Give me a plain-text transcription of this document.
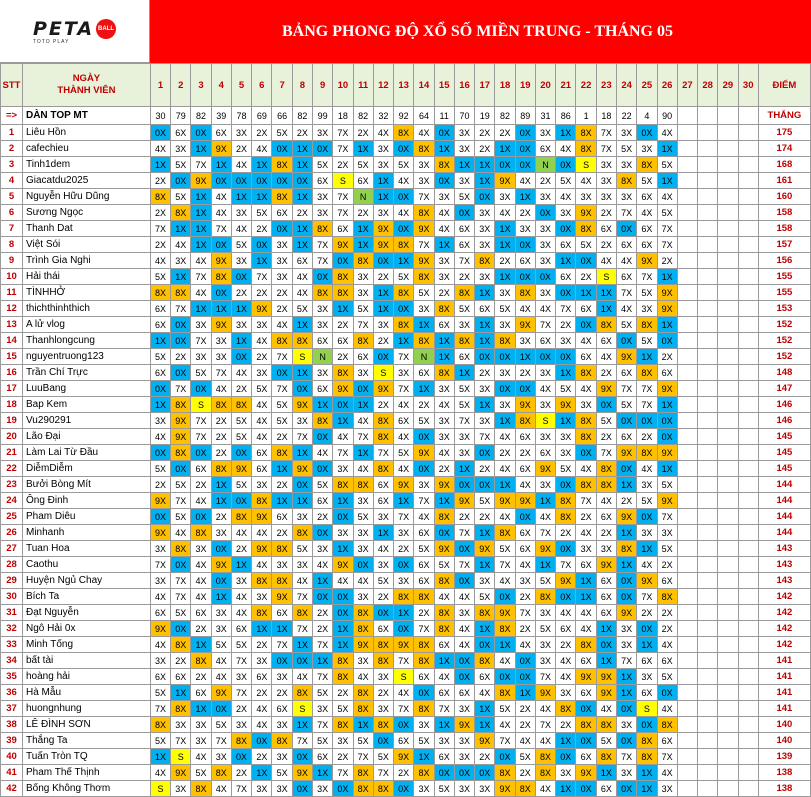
PETA BALL
TOTO PLAY
BẢNG PHONG ĐỘ XỔ SỐ MIỀN TRUNG - THÁNG 05
STT	NGÀY
THÀNH VIÊN	1	2	3	4	5	6	7	8	9	10	11	12	13	14	15	16	17	18	19	20	21	22	23	24	25	26	27	28	29	30	ĐIỂM
=>	DÀN TOP MT	30	79	82	39	78	69	66	82	99	18	82	32	92	64	11	70	19	82	89	31	86	1	18	22	4	90					THẮNG
1	Liêu Hồn	0X	6X	0X	6X	3X	2X	5X	2X	3X	7X	2X	4X	8X	4X	0X	3X	2X	2X	0X	3X	1X	8X	7X	3X	0X	4X					175
2	cafechieu	4X	3X	1X	9X	2X	4X	0X	1X	0X	7X	1X	3X	0X	8X	1X	3X	2X	1X	0X	6X	4X	8X	7X	5X	3X	1X					174
3	Tinh1dem	1X	5X	7X	1X	4X	1X	8X	1X	5X	2X	5X	3X	5X	3X	8X	1X	1X	0X	0X	N	0X	S	3X	3X	8X	5X					168
4	Giacatdu2025	2X	0X	9X	0X	0X	0X	0X	0X	6X	S	6X	1X	4X	3X	0X	3X	1X	9X	4X	2X	5X	4X	3X	8X	5X	1X					161
5	Nguyễn Hữu Dũng	8X	5X	1X	4X	1X	1X	8X	1X	3X	7X	N	1X	0X	7X	3X	5X	0X	3X	1X	3X	4X	3X	3X	3X	6X	4X					160
6	Sương Ngọc	2X	8X	1X	4X	3X	5X	6X	2X	3X	7X	2X	3X	4X	8X	4X	0X	3X	4X	2X	0X	3X	9X	2X	7X	4X	5X					158
7	Thanh Dat	7X	1X	1X	7X	4X	2X	0X	1X	8X	6X	1X	9X	0X	9X	4X	6X	3X	1X	3X	3X	0X	8X	6X	0X	6X	7X					158
8	Việt Sói	2X	4X	1X	0X	5X	0X	3X	1X	7X	9X	1X	9X	8X	7X	1X	6X	3X	1X	0X	3X	6X	5X	2X	6X	6X	7X					157
9	Trình Gia Nghi	4X	3X	4X	9X	3X	1X	3X	6X	7X	0X	8X	0X	1X	9X	3X	7X	8X	2X	6X	3X	1X	0X	4X	4X	9X	2X					156
10	Hải thái	5X	1X	7X	8X	0X	7X	3X	4X	0X	8X	3X	2X	5X	8X	3X	2X	3X	1X	0X	0X	6X	2X	S	6X	7X	1X					155
11	TÌNHHỞ	8X	8X	4X	0X	2X	2X	2X	4X	8X	8X	3X	1X	8X	5X	2X	8X	1X	3X	8X	3X	0X	1X	1X	7X	5X	9X					155
12	thichthinhthich	6X	7X	1X	1X	1X	9X	2X	5X	3X	1X	5X	1X	0X	3X	8X	5X	6X	5X	4X	4X	7X	6X	1X	4X	3X	9X					153
13	A lử vlog	6X	0X	3X	9X	3X	3X	4X	1X	3X	2X	7X	3X	8X	1X	6X	3X	1X	3X	9X	7X	2X	0X	8X	5X	8X	1X					152
14	Thanhlongcung	1X	0X	7X	3X	1X	4X	8X	8X	6X	6X	8X	2X	1X	8X	1X	8X	1X	8X	3X	6X	3X	4X	6X	0X	5X	0X					152
15	nguyentruong123	5X	2X	3X	3X	0X	2X	7X	S	N	2X	6X	0X	7X	N	1X	6X	0X	0X	1X	0X	0X	6X	4X	9X	1X	2X					152
16	Trần Chí Trực	6X	0X	5X	7X	4X	3X	0X	1X	3X	8X	3X	S	3X	6X	8X	1X	2X	3X	2X	3X	1X	8X	2X	6X	8X	6X					148
17	LuuBang	0X	7X	0X	4X	2X	5X	7X	0X	6X	9X	0X	9X	7X	1X	3X	5X	3X	0X	0X	4X	5X	4X	9X	7X	7X	9X					147
18	Bap Kem	1X	8X	S	8X	8X	4X	5X	9X	1X	0X	1X	2X	4X	2X	4X	5X	1X	3X	9X	3X	9X	3X	0X	5X	7X	1X					146
19	Vu290291	3X	9X	7X	2X	5X	4X	5X	3X	8X	1X	4X	8X	6X	5X	3X	7X	3X	1X	8X	S	1X	8X	5X	0X	0X	0X					146
20	Lão Đại	4X	9X	7X	2X	5X	4X	2X	7X	0X	4X	7X	8X	4X	0X	3X	3X	7X	4X	6X	3X	3X	8X	2X	6X	2X	0X					145
21	Làm Lai Từ Đầu	0X	8X	0X	2X	0X	6X	8X	1X	4X	7X	1X	7X	5X	9X	4X	3X	0X	2X	2X	6X	3X	0X	7X	9X	8X	9X					145
22	DiễmDiễm	5X	0X	6X	8X	9X	6X	1X	9X	0X	3X	4X	8X	4X	0X	2X	1X	2X	4X	6X	9X	5X	4X	8X	0X	4X	1X					145
23	Bưởi Bòng Mít	2X	5X	2X	1X	5X	3X	2X	0X	5X	8X	8X	6X	9X	3X	9X	0X	0X	1X	4X	3X	0X	8X	8X	1X	3X	5X					144
24	Ông Đinh	9X	7X	4X	1X	0X	8X	1X	1X	6X	1X	3X	6X	1X	7X	1X	9X	5X	9X	9X	1X	8X	7X	4X	2X	5X	9X					144
25	Pham Diêu	0X	5X	0X	2X	8X	9X	6X	3X	2X	0X	5X	3X	7X	4X	8X	2X	2X	4X	0X	4X	8X	2X	6X	9X	0X	7X					144
26	Minhanh	9X	4X	8X	3X	4X	4X	2X	8X	0X	3X	3X	1X	3X	6X	0X	7X	1X	8X	6X	7X	2X	4X	2X	1X	3X	3X					144
27	Tuan Hoa	3X	8X	3X	0X	2X	9X	8X	5X	3X	1X	3X	4X	2X	5X	9X	0X	9X	5X	6X	9X	0X	3X	3X	8X	1X	5X					143
28	Caothu	7X	0X	4X	9X	1X	4X	3X	3X	4X	9X	0X	3X	0X	6X	5X	7X	1X	7X	4X	1X	7X	6X	9X	1X	4X	2X					143
29	Huyện Ngủ Chay	3X	7X	4X	0X	3X	8X	8X	4X	1X	4X	4X	5X	3X	6X	8X	0X	3X	4X	3X	5X	9X	1X	6X	0X	9X	6X					143
30	Bích Ta	4X	7X	4X	1X	4X	3X	9X	7X	0X	0X	3X	2X	8X	8X	4X	4X	5X	0X	2X	8X	0X	1X	6X	0X	7X	8X					142
31	Đạt Nguyễn	6X	5X	6X	3X	4X	8X	6X	8X	2X	0X	8X	0X	1X	2X	8X	3X	8X	9X	7X	3X	4X	4X	6X	9X	2X	2X					142
32	Ngô Hải 0x	9X	0X	2X	3X	6X	1X	1X	7X	2X	1X	8X	6X	0X	7X	8X	4X	1X	8X	2X	5X	6X	4X	1X	3X	0X	2X					142
33	Minh Tống	4X	8X	1X	5X	5X	2X	7X	1X	7X	1X	9X	8X	9X	8X	6X	4X	0X	1X	4X	3X	2X	8X	0X	3X	1X	4X					142
34	bất tài	3X	2X	8X	4X	7X	3X	0X	0X	1X	8X	3X	8X	7X	8X	1X	0X	8X	4X	0X	3X	4X	6X	1X	7X	6X	6X					141
35	hoàng hải	6X	6X	2X	4X	3X	6X	3X	4X	7X	8X	4X	3X	S	6X	4X	0X	6X	0X	0X	7X	4X	9X	9X	1X	3X	5X					141
36	Hà Mẫu	5X	1X	6X	9X	7X	2X	2X	8X	5X	2X	8X	2X	4X	0X	6X	6X	4X	8X	1X	9X	3X	6X	9X	1X	6X	0X					141
37	huongnhung	7X	8X	1X	0X	2X	4X	6X	S	3X	5X	8X	3X	7X	8X	7X	3X	1X	5X	2X	4X	8X	0X	4X	0X	S	4X					141
38	LÊ ĐÌNH SƠN	8X	3X	3X	5X	3X	4X	3X	1X	7X	8X	1X	8X	0X	3X	1X	9X	1X	4X	2X	7X	2X	8X	8X	3X	0X	8X					140
39	Thắng Ta	5X	7X	3X	7X	8X	0X	8X	7X	5X	3X	5X	0X	6X	5X	3X	3X	9X	7X	4X	4X	1X	0X	5X	0X	8X	6X					140
40	Tuấn Tròn TQ	1X	S	4X	3X	0X	2X	3X	0X	6X	2X	7X	5X	9X	1X	6X	3X	2X	0X	5X	8X	0X	6X	8X	7X	8X	7X					139
41	Pham Thế Thịnh	4X	9X	5X	8X	2X	1X	5X	9X	1X	7X	8X	7X	2X	8X	0X	0X	0X	8X	2X	8X	3X	9X	1X	3X	1X	4X					138
42	Bống Không Thơm	S	3X	8X	4X	7X	3X	3X	0X	3X	0X	8X	8X	0X	3X	5X	3X	3X	9X	8X	4X	1X	0X	6X	0X	1X	3X					138
